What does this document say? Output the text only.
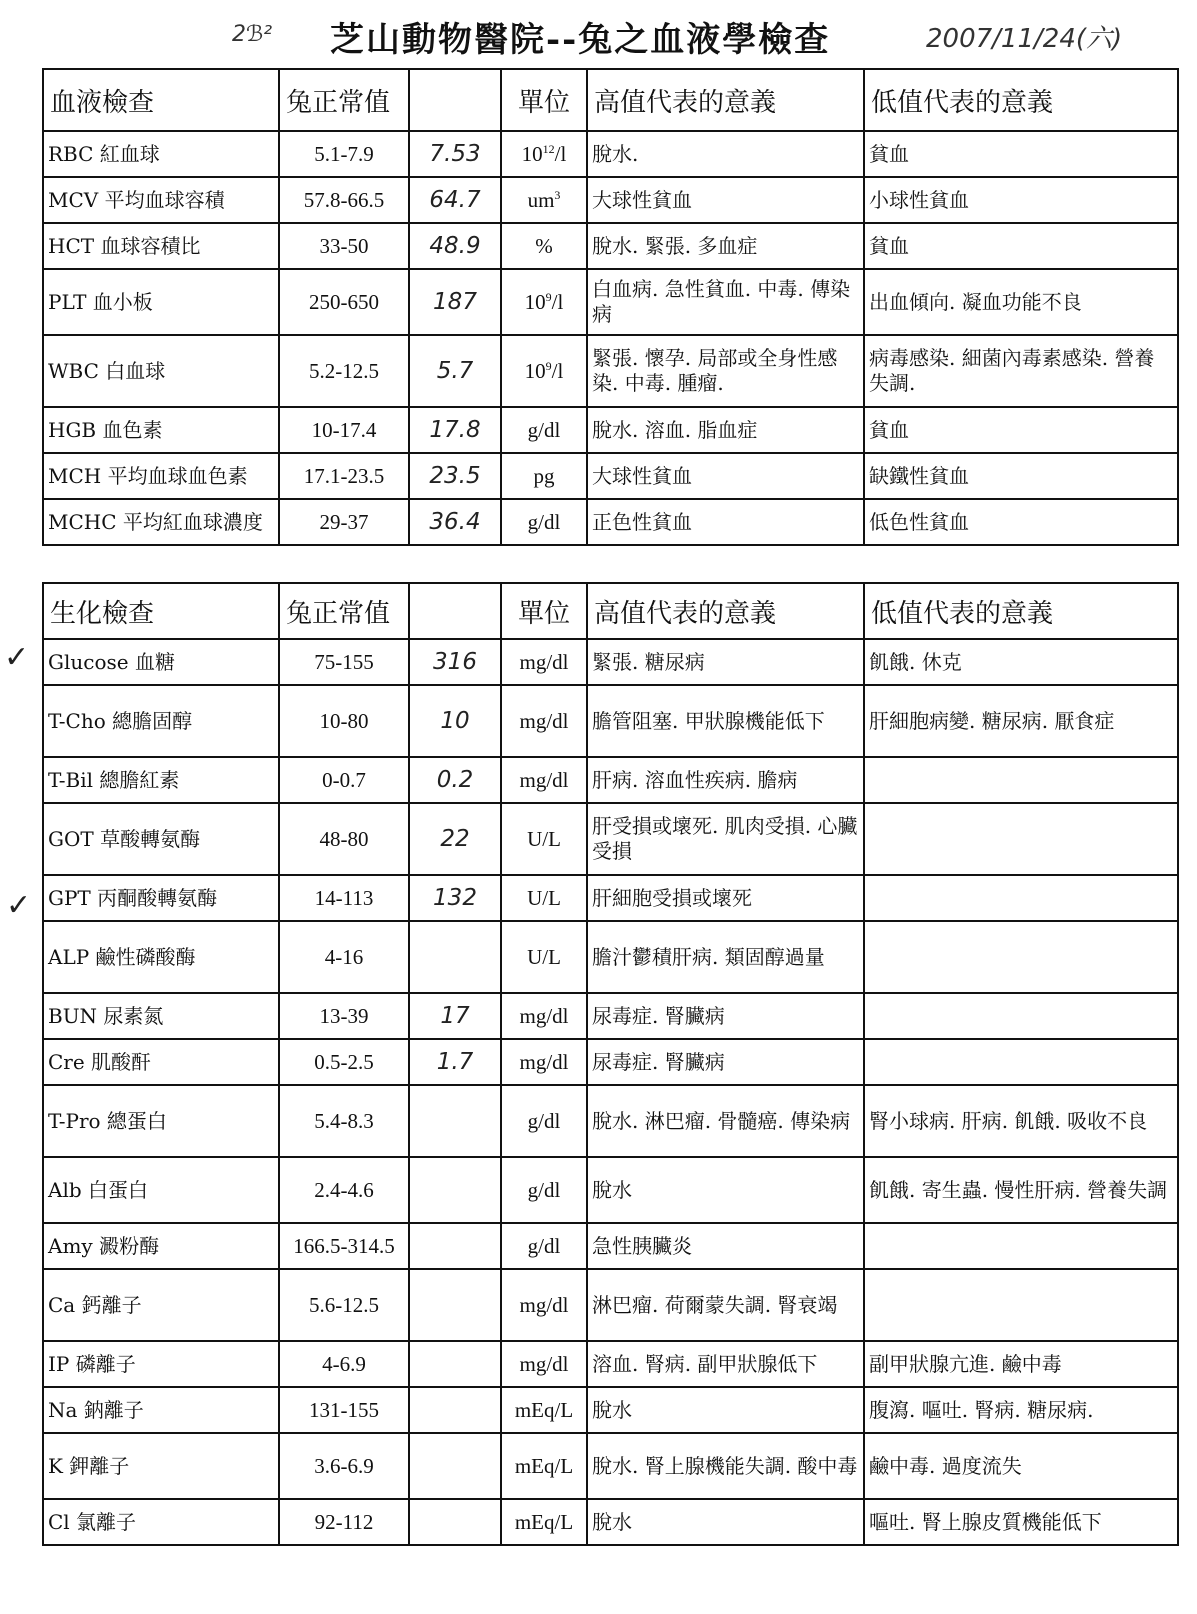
2ℬ² 芝山動物醫院--兔之血液學檢查	2007/11/24(六)
血液檢查	兔正常值		單位	高值代表的意義	低值代表的意義
RBC 紅血球	5.1-7.9	7.53	$10^{12}/l$	脫水.	貧血
MCV 平均血球容積	57.8-66.5	64.7	$um^3$	大球性貧血	小球性貧血
HCT 血球容積比	33-50	48.9	%	脫水. 緊張. 多血症	貧血
PLT 血小板	250-650	187	$10^9/l$	白血病. 急性貧血. 中毒. 傳染病	出血傾向. 凝血功能不良
WBC 白血球	5.2-12.5	5.7	$10^9/l$	緊張. 懷孕. 局部或全身性感染. 中毒. 腫瘤.	病毒感染. 細菌內毒素感染. 營養失調.
HGB 血色素	10-17.4	17.8	g/dl	脫水. 溶血. 脂血症	貧血
MCH 平均血球血色素	17.1-23.5	23.5	pg	大球性貧血	缺鐵性貧血
MCHC 平均紅血球濃度	29-37	36.4	g/dl	正色性貧血	低色性貧血
生化檢查	兔正常值		單位	高值代表的意義	低值代表的意義
Glucose 血糖	75-155	316	mg/dl	緊張. 糖尿病	飢餓. 休克
T-Cho 總膽固醇	10-80	10	mg/dl	膽管阻塞. 甲狀腺機能低下	肝細胞病變. 糖尿病. 厭食症
T-Bil 總膽紅素	0-0.7	0.2	mg/dl	肝病. 溶血性疾病. 膽病	
GOT 草酸轉氨酶	48-80	22	U/L	肝受損或壞死. 肌肉受損. 心臟受損	
GPT 丙酮酸轉氨酶	14-113	132	U/L	肝細胞受損或壞死	
ALP 鹼性磷酸酶	4-16		U/L	膽汁鬱積肝病. 類固醇過量	
BUN 尿素氮	13-39	17	mg/dl	尿毒症. 腎臟病	
Cre 肌酸酐	0.5-2.5	1.7	mg/dl	尿毒症. 腎臟病	
T-Pro 總蛋白	5.4-8.3		g/dl	脫水. 淋巴瘤. 骨髓癌. 傳染病	腎小球病. 肝病. 飢餓. 吸收不良
Alb 白蛋白	2.4-4.6		g/dl	脫水	飢餓. 寄生蟲. 慢性肝病. 營養失調
Amy 澱粉酶	166.5-314.5		g/dl	急性胰臟炎	
Ca 鈣離子	5.6-12.5		mg/dl	淋巴瘤. 荷爾蒙失調. 腎衰竭	
IP 磷離子	4-6.9		mg/dl	溶血. 腎病. 副甲狀腺低下	副甲狀腺亢進. 鹼中毒
Na 鈉離子	131-155		mEq/L	脫水	腹瀉. 嘔吐. 腎病. 糖尿病.
K 鉀離子	3.6-6.9		mEq/L	脫水. 腎上腺機能失調. 酸中毒	鹼中毒. 過度流失
Cl 氯離子	92-112		mEq/L	脫水	嘔吐. 腎上腺皮質機能低下
✓
✓
